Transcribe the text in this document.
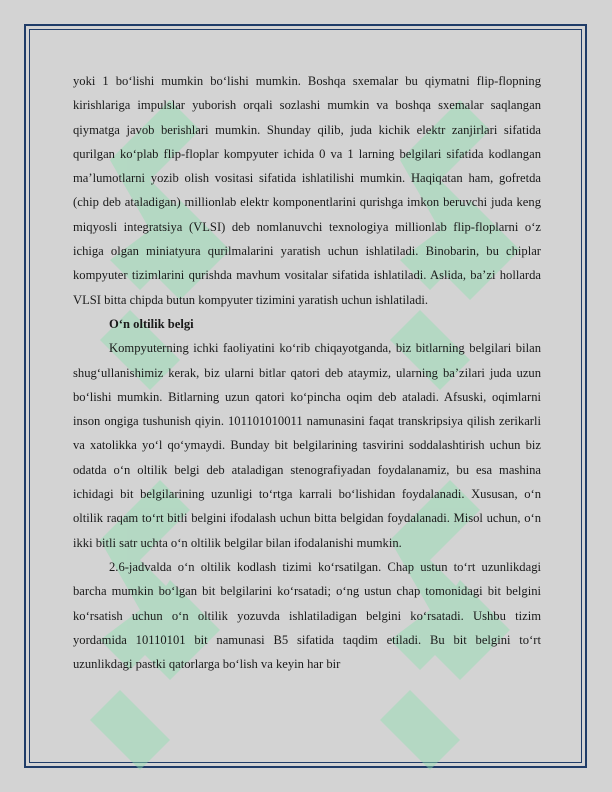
yoki 1 bo‘lishi mumkin bo‘lishi mumkin. Boshqa sxemalar bu qiymatni flip-flopning kirishlariga impulslar yuborish orqali sozlashi mumkin va boshqa sxemalar saqlangan qiymatga javob berishlari mumkin. Shunday qilib, juda kichik elektr zanjirlari sifatida qurilgan ko‘plab flip-floplar kompyuter ichida 0 va 1 larning belgilari sifatida kodlangan ma’lumotlarni yozib olish vositasi sifatida ishlatilishi mumkin. Haqiqatan ham, gofretda (chip deb ataladigan) millionlab elektr komponentlarini qurishga imkon beruvchi juda keng miqyosli integratsiya (VLSI) deb nomlanuvchi texnologiya millionlab flip-floplarni o‘z ichiga olgan miniatyura qurilmalarini yaratish uchun ishlatiladi. Binobarin, bu chiplar kompyuter tizimlarini qurishda mavhum vositalar sifatida ishlatiladi. Aslida, ba’zi hollarda VLSI bitta chipda butun kompyuter tizimini yaratish uchun ishlatiladi.

O‘n oltilik belgi

Kompyuterning ichki faoliyatini ko‘rib chiqayotganda, biz bitlarning belgilari bilan shug‘ullanishimiz kerak, biz ularni bitlar qatori deb ataymiz, ularning ba’zilari juda uzun bo‘lishi mumkin. Bitlarning uzun qatori ko‘pincha oqim deb ataladi. Afsuski, oqimlarni inson ongiga tushunish qiyin. 101101010011 namunasini faqat transkripsiya qilish zerikarli va xatolikka yo‘l qo‘ymaydi. Bunday bit belgilarining tasvirini soddalashtirish uchun biz odatda o‘n oltilik belgi deb ataladigan stenografiyadan foydalanamiz, bu esa mashina ichidagi bit belgilarining uzunligi to‘rtga karrali bo‘lishidan foydalanadi. Xususan, o‘n oltilik raqam to‘rt bitli belgini ifodalash uchun bitta belgidan foydalanadi. Misol uchun, o‘n ikki bitli satr uchta o‘n oltilik belgilar bilan ifodalanishi mumkin.

2.6-jadvalda o‘n oltilik kodlash tizimi ko‘rsatilgan. Chap ustun to‘rt uzunlikdagi barcha mumkin bo‘lgan bit belgilarini ko‘rsatadi; o‘ng ustun chap tomonidagi bit belgini ko‘rsatish uchun o‘n oltilik yozuvda ishlatiladigan belgini ko‘rsatadi. Ushbu tizim yordamida 10110101 bit namunasi B5 sifatida taqdim etiladi. Bu bit belgini to‘rt uzunlikdagi pastki qatorlarga bo‘lish va keyin har bir
